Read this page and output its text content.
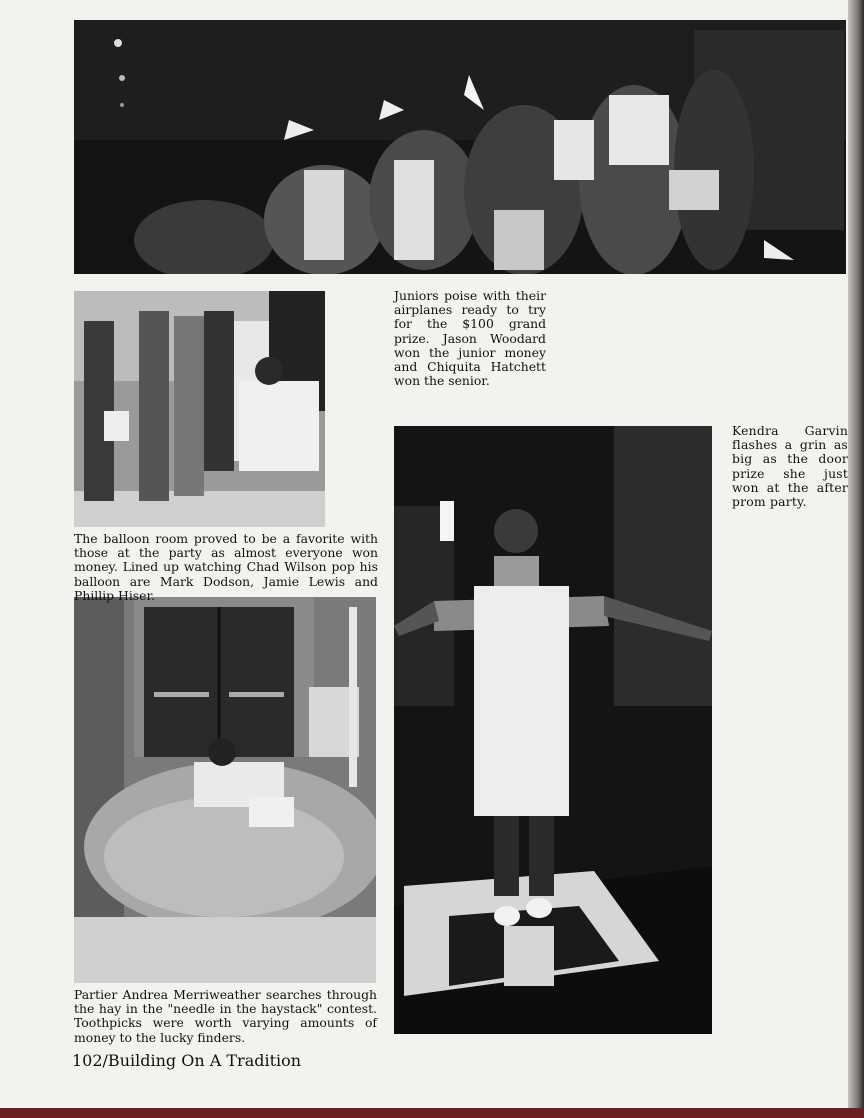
Juniors poise with their airplanes ready to try for the $100 grand prize. Jason Woodard won the junior money and Chiquita Hatchett won the senior.
Kendra Garvin flashes a grin as big as the door prize she just won at the after prom party.
The balloon room proved to be a favorite with those at the party as almost everyone won money. Lined up watching Chad Wilson pop his balloon are Mark Dodson, Jamie Lewis and Phillip Hiser.
Partier Andrea Merriweather searches through the hay in the "needle in the haystack" contest. Toothpicks were worth varying amounts of money to the lucky finders.
102/Building On A Tradition
